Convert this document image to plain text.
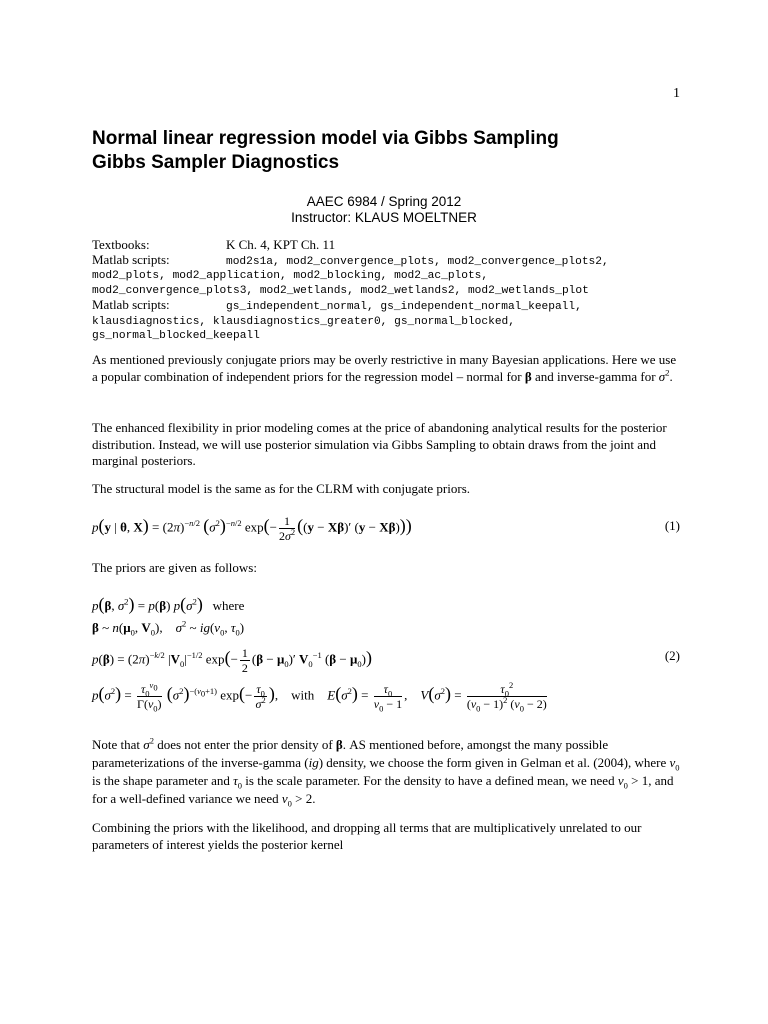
1
Normal linear regression model via Gibbs Sampling
Gibbs Sampler Diagnostics
AAEC 6984 / Spring 2012
Instructor: KLAUS MOELTNER
Textbooks:	K Ch. 4, KPT Ch. 11
Matlab scripts:	mod2s1a, mod2_convergence_plots, mod2_convergence_plots2,
mod2_plots, mod2_application, mod2_blocking, mod2_ac_plots,
mod2_convergence_plots3, mod2_wetlands, mod2_wetlands2, mod2_wetlands_plot
Matlab scripts:	gs_independent_normal, gs_independent_normal_keepall,
klausdiagnostics, klausdiagnostics_greater0, gs_normal_blocked,
gs_normal_blocked_keepall
As mentioned previously conjugate priors may be overly restrictive in many Bayesian applications. Here we use a popular combination of independent priors for the regression model – normal for β and inverse-gamma for $\sigma^2$.
The enhanced flexibility in prior modeling comes at the price of abandoning analytical results for the posterior distribution. Instead, we will use posterior simulation via Gibbs Sampling to obtain draws from the joint and marginal posteriors.
The structural model is the same as for the CLRM with conjugate priors.
p(y | θ, $X) = (2\pi)^{-n/2}$ $(\sigma^2)^{-n/2}$ $\exp(- \frac{1}{2\sigma^2} ((y - X\beta)'$ (y − Xβ)))	(1)
The priors are given as follows:
p(β, $\sigma^2) = p(\beta)$ $p(\sigma^2)$ where
β ~ $n(\mu_0$, $V_0$),    $\sigma^2$ ~ $ig(v_0$, $\tau_0$)
$p(\beta) = (2\pi)^{-k/2}$ $|V_0|^{-1/2}$ $\exp(- \frac{1}{2} (\beta - \mu_0)'$ $V_0^{-1}$ $(\beta - \mu_0)$)	(2)
$p(\sigma^2) = \frac{\tau_0^{v_0}}{\Gamma(v_0)} (\sigma^2)^{-(v_0+1)}$ $\exp(- \frac{\tau_0}{\sigma^2}$ ),    with $E(\sigma^2) = \frac{\tau_0}{v_0 - 1}$ ,    $V(\sigma^2) = \frac{\tau_0^2}{(v_0 - 1)^2 (v_0 - 2)}$
Note that $\sigma^2$ does not enter the prior density of β. AS mentioned before, amongst the many possible parameterizations of the inverse-gamma (ig) density, we choose the form given in Gelman et al. (2004), where $v_0$ is the shape parameter and $\tau_0$ is the scale parameter. For the density to have a defined mean, we need $v_0 > 1$, and for a well-defined variance we need $v_0 > 2$.
Combining the priors with the likelihood, and dropping all terms that are multiplicatively unrelated to our parameters of interest yields the posterior kernel
